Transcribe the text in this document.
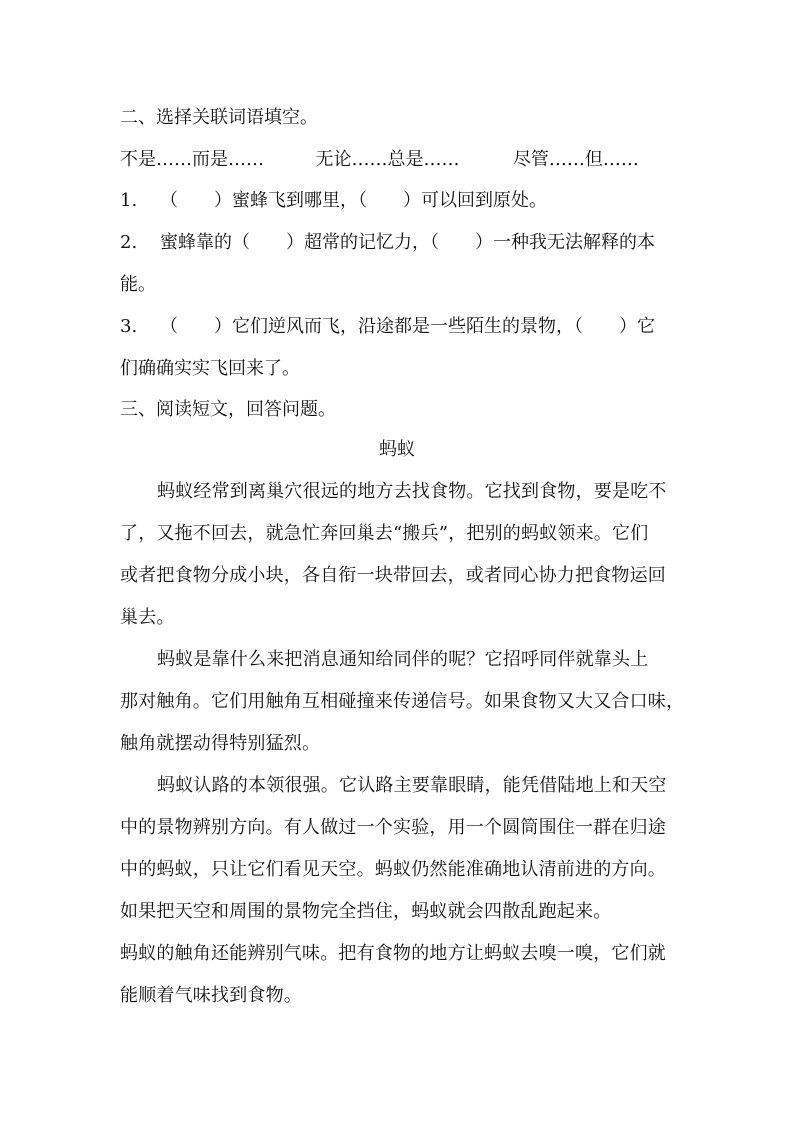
二、选择关联词语填空。
不是……而是……	无论……总是……	尽管……但……
1. （　　）蜜蜂飞到哪里，（　　）可以回到原处。
2. 蜜蜂靠的（　　）超常的记忆力，（　　）一种我无法解释的本
能。
3. （　　）它们逆风而飞，沿途都是一些陌生的景物，（　　）它
们确确实实飞回来了。
三、阅读短文，回答问题。
蚂蚁
蚂蚁经常到离巢穴很远的地方去找食物。它找到食物，要是吃不
了，又拖不回去，就急忙奔回巢去“搬兵”，把别的蚂蚁领来。它们
或者把食物分成小块，各自衔一块带回去，或者同心协力把食物运回
巢去。
蚂蚁是靠什么来把消息通知给同伴的呢？它招呼同伴就靠头上
那对触角。它们用触角互相碰撞来传递信号。如果食物又大又合口味，
触角就摆动得特别猛烈。
蚂蚁认路的本领很强。它认路主要靠眼睛，能凭借陆地上和天空
中的景物辨别方向。有人做过一个实验，用一个圆筒围住一群在归途
中的蚂蚁，只让它们看见天空。蚂蚁仍然能准确地认清前进的方向。
如果把天空和周围的景物完全挡住，蚂蚁就会四散乱跑起来。
蚂蚁的触角还能辨别气味。把有食物的地方让蚂蚁去嗅一嗅，它们就
能顺着气味找到食物。
